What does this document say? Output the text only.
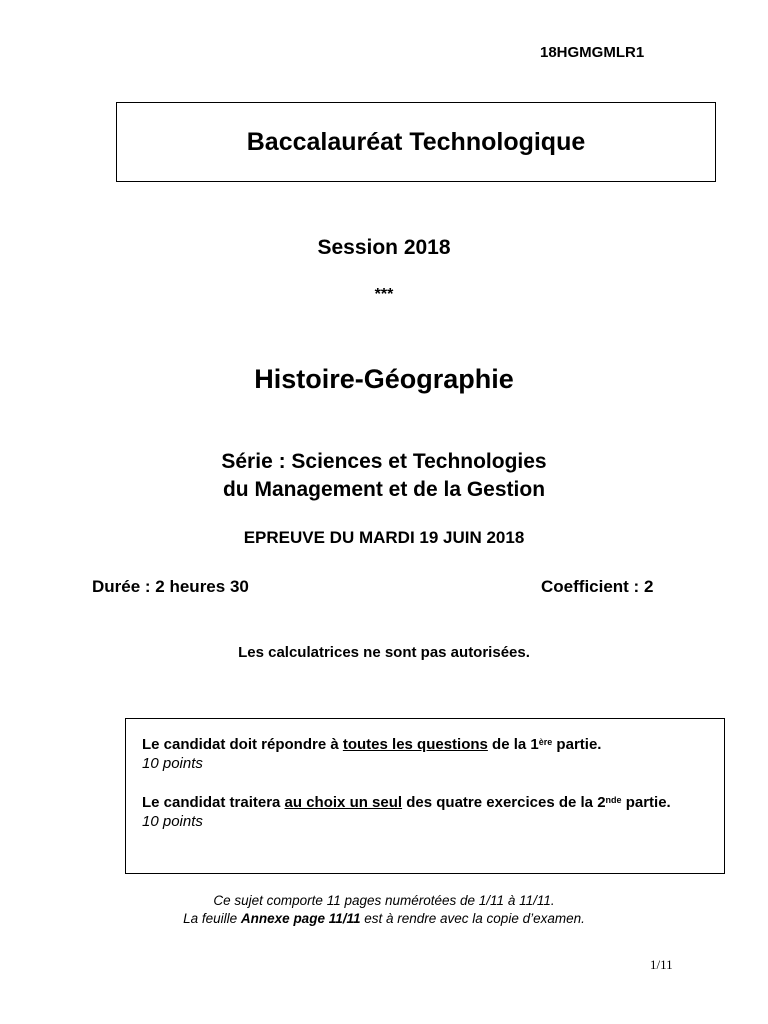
18HGMGMLR1
Baccalauréat Technologique
Session 2018
***
Histoire-Géographie
Série : Sciences et Technologies
du Management et de la Gestion
EPREUVE DU MARDI 19 JUIN 2018
Durée : 2 heures 30	Coefficient : 2
Les calculatrices ne sont pas autorisées.

Le candidat doit répondre à toutes les questions de la 1ère partie.

10 points

Le candidat traitera au choix un seul des quatre exercices de la 2nde partie.

10 points

Ce sujet comporte 11 pages numérotées de 1/11 à 11/11.
La feuille Annexe page 11/11 est à rendre avec la copie d’examen.
1/11
